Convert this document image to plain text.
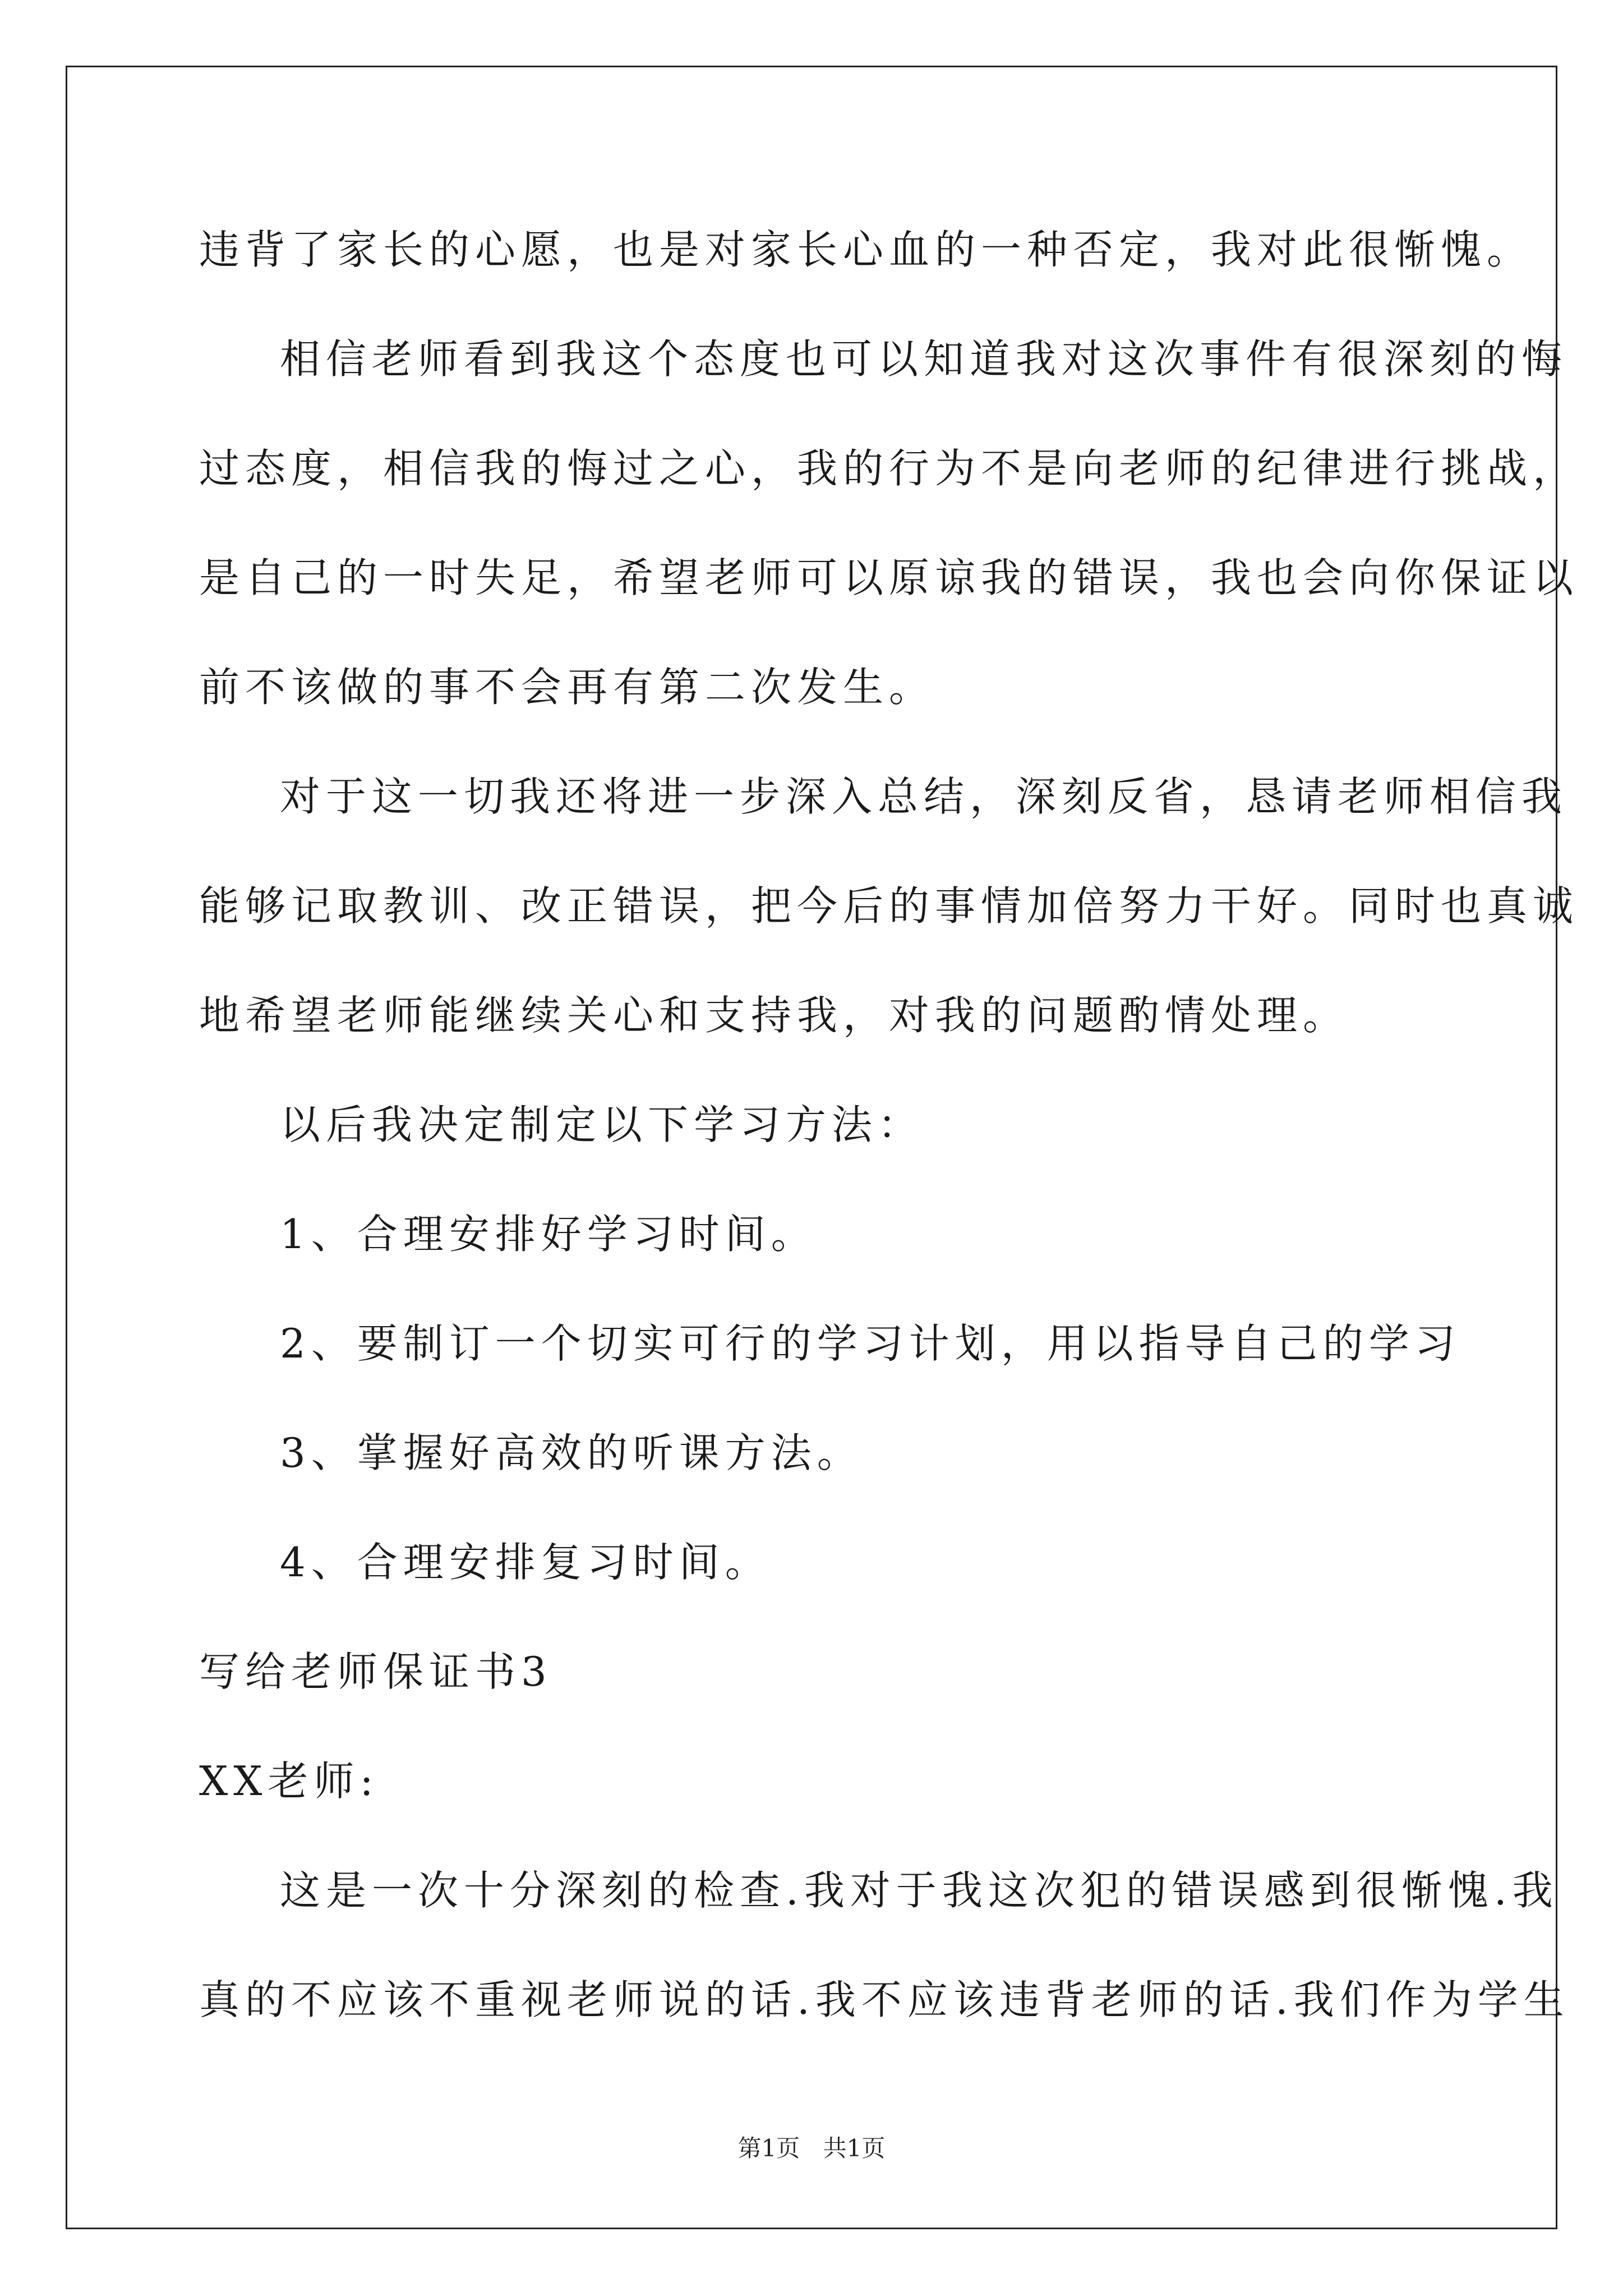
违背了家长的心愿，也是对家长心血的一种否定，我对此很惭愧。
相信老师看到我这个态度也可以知道我对这次事件有很深刻的悔
过态度，相信我的悔过之心，我的行为不是向老师的纪律进行挑战，
是自己的一时失足，希望老师可以原谅我的错误，我也会向你保证以
前不该做的事不会再有第二次发生。
对于这一切我还将进一步深入总结，深刻反省，恳请老师相信我
能够记取教训、改正错误，把今后的事情加倍努力干好。同时也真诚
地希望老师能继续关心和支持我，对我的问题酌情处理。
以后我决定制定以下学习方法：
1、合理安排好学习时间。
2、要制订一个切实可行的学习计划，用以指导自己的学习
3、掌握好高效的听课方法。
4、合理安排复习时间。
写给老师保证书3
XX老师:
这是一次十分深刻的检查.我对于我这次犯的错误感到很惭愧.我
真的不应该不重视老师说的话.我不应该违背老师的话.我们作为学生
第1页 共1页
